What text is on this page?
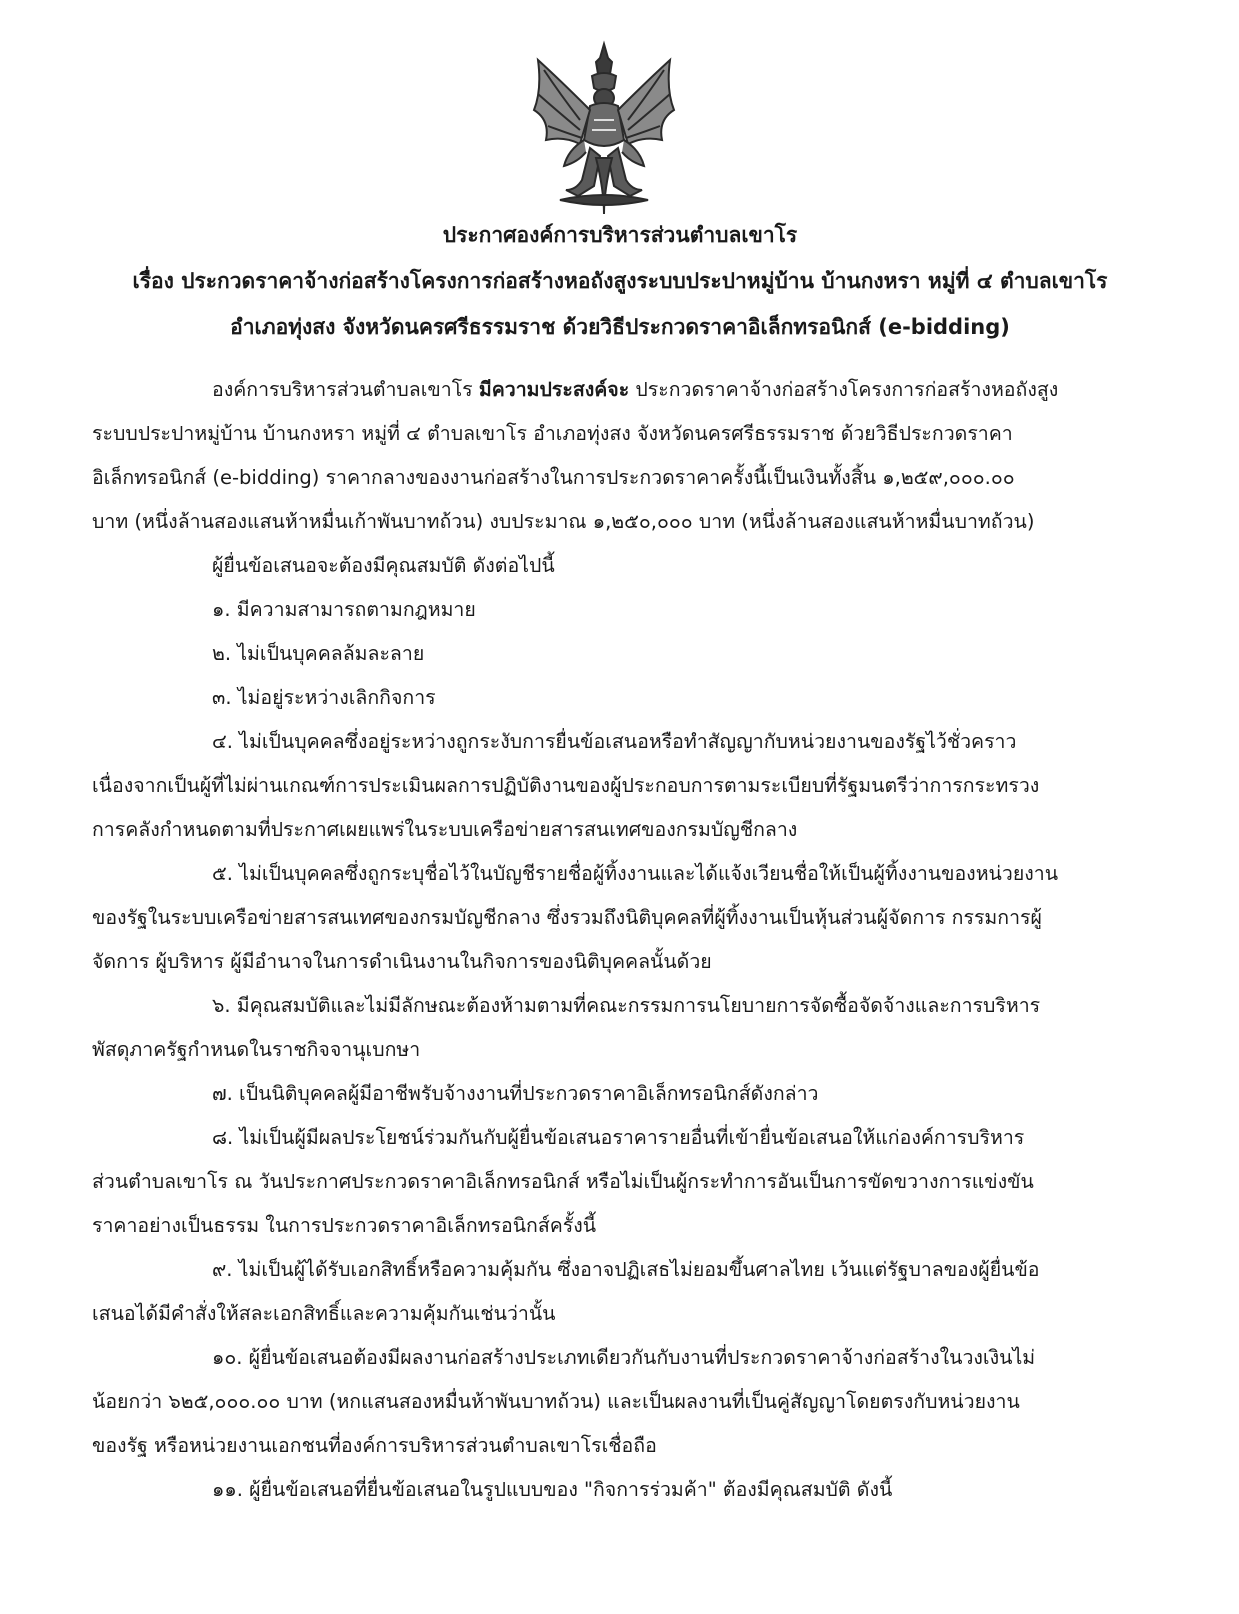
ประกาศองค์การบริหารส่วนตำบลเขาโร
เรื่อง ประกวดราคาจ้างก่อสร้างโครงการก่อสร้างหอถังสูงระบบประปาหมู่บ้าน บ้านกงหรา หมู่ที่ ๔ ตำบลเขาโร
อำเภอทุ่งสง จังหวัดนครศรีธรรมราช ด้วยวิธีประกวดราคาอิเล็กทรอนิกส์ (e-bidding)
องค์การบริหารส่วนตำบลเขาโร มีความประสงค์จะ ประกวดราคาจ้างก่อสร้างโครงการก่อสร้างหอถังสูง
ระบบประปาหมู่บ้าน บ้านกงหรา หมู่ที่ ๔ ตำบลเขาโร อำเภอทุ่งสง จังหวัดนครศรีธรรมราช ด้วยวิธีประกวดราคา
อิเล็กทรอนิกส์ (e-bidding) ราคากลางของงานก่อสร้างในการประกวดราคาครั้งนี้เป็นเงินทั้งสิ้น ๑,๒๕๙,๐๐๐.๐๐
บาท (หนึ่งล้านสองแสนห้าหมื่นเก้าพันบาทถ้วน) งบประมาณ ๑,๒๕๐,๐๐๐ บาท (หนึ่งล้านสองแสนห้าหมื่นบาทถ้วน)
ผู้ยื่นข้อเสนอจะต้องมีคุณสมบัติ ดังต่อไปนี้
๑. มีความสามารถตามกฎหมาย
๒. ไม่เป็นบุคคลล้มละลาย
๓. ไม่อยู่ระหว่างเลิกกิจการ
๔. ไม่เป็นบุคคลซึ่งอยู่ระหว่างถูกระงับการยื่นข้อเสนอหรือทำสัญญากับหน่วยงานของรัฐไว้ชั่วคราว
เนื่องจากเป็นผู้ที่ไม่ผ่านเกณฑ์การประเมินผลการปฏิบัติงานของผู้ประกอบการตามระเบียบที่รัฐมนตรีว่าการกระทรวง
การคลังกำหนดตามที่ประกาศเผยแพร่ในระบบเครือข่ายสารสนเทศของกรมบัญชีกลาง
๕. ไม่เป็นบุคคลซึ่งถูกระบุชื่อไว้ในบัญชีรายชื่อผู้ทิ้งงานและได้แจ้งเวียนชื่อให้เป็นผู้ทิ้งงานของหน่วยงาน
ของรัฐในระบบเครือข่ายสารสนเทศของกรมบัญชีกลาง ซึ่งรวมถึงนิติบุคคลที่ผู้ทิ้งงานเป็นหุ้นส่วนผู้จัดการ กรรมการผู้
จัดการ ผู้บริหาร ผู้มีอำนาจในการดำเนินงานในกิจการของนิติบุคคลนั้นด้วย
๖. มีคุณสมบัติและไม่มีลักษณะต้องห้ามตามที่คณะกรรมการนโยบายการจัดซื้อจัดจ้างและการบริหาร
พัสดุภาครัฐกำหนดในราชกิจจานุเบกษา
๗. เป็นนิติบุคคลผู้มีอาชีพรับจ้างงานที่ประกวดราคาอิเล็กทรอนิกส์ดังกล่าว
๘. ไม่เป็นผู้มีผลประโยชน์ร่วมกันกับผู้ยื่นข้อเสนอราคารายอื่นที่เข้ายื่นข้อเสนอให้แก่องค์การบริหาร
ส่วนตำบลเขาโร ณ วันประกาศประกวดราคาอิเล็กทรอนิกส์ หรือไม่เป็นผู้กระทำการอันเป็นการขัดขวางการแข่งขัน
ราคาอย่างเป็นธรรม ในการประกวดราคาอิเล็กทรอนิกส์ครั้งนี้
๙. ไม่เป็นผู้ได้รับเอกสิทธิ์หรือความคุ้มกัน ซึ่งอาจปฏิเสธไม่ยอมขึ้นศาลไทย เว้นแต่รัฐบาลของผู้ยื่นข้อ
เสนอได้มีคำสั่งให้สละเอกสิทธิ์และความคุ้มกันเช่นว่านั้น
๑๐. ผู้ยื่นข้อเสนอต้องมีผลงานก่อสร้างประเภทเดียวกันกับงานที่ประกวดราคาจ้างก่อสร้างในวงเงินไม่
น้อยกว่า ๖๒๕,๐๐๐.๐๐ บาท (หกแสนสองหมื่นห้าพันบาทถ้วน) และเป็นผลงานที่เป็นคู่สัญญาโดยตรงกับหน่วยงาน
ของรัฐ หรือหน่วยงานเอกชนที่องค์การบริหารส่วนตำบลเขาโรเชื่อถือ
๑๑. ผู้ยื่นข้อเสนอที่ยื่นข้อเสนอในรูปแบบของ "กิจการร่วมค้า" ต้องมีคุณสมบัติ ดังนี้
